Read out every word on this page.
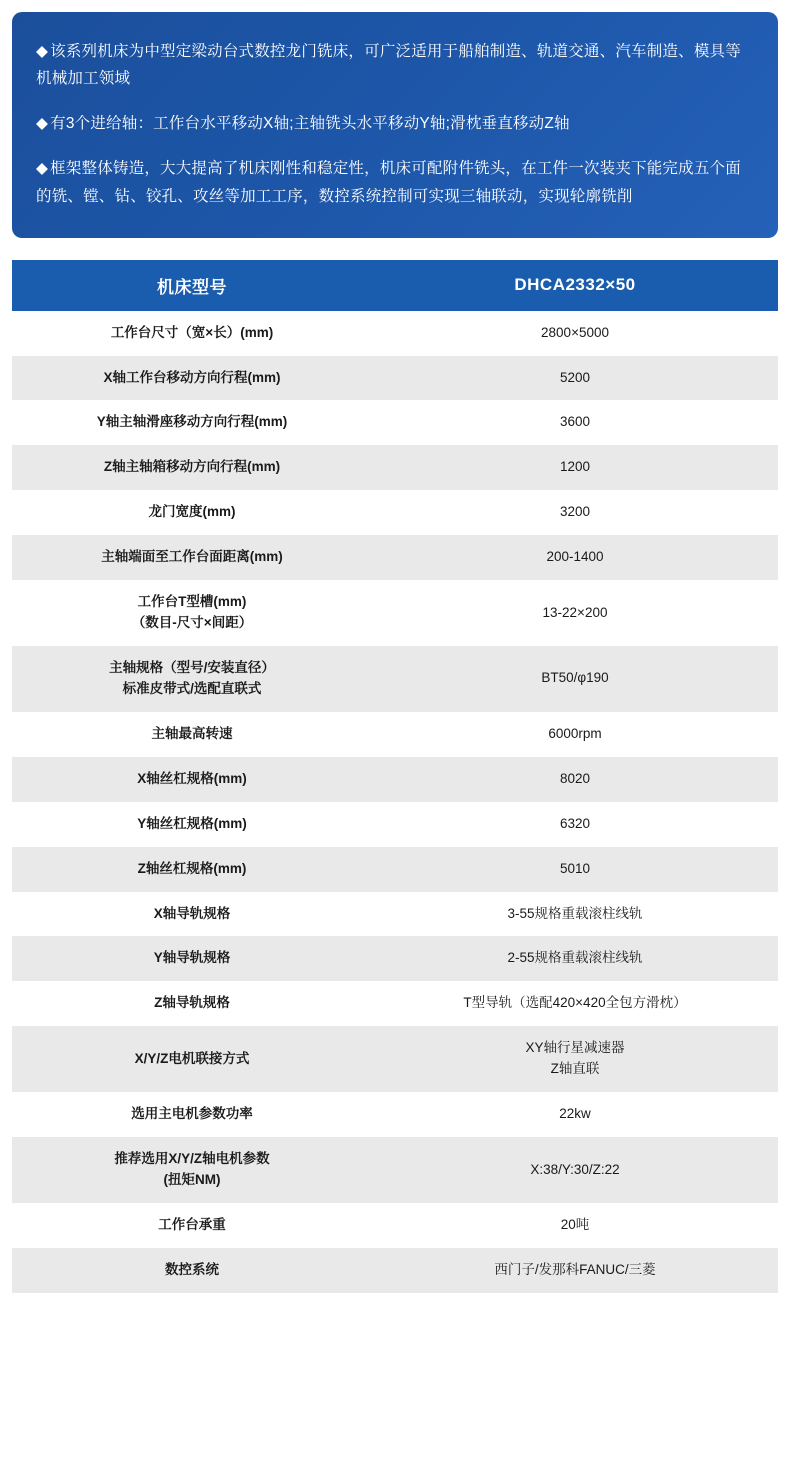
◆ 该系列机床为中型定梁动台式数控龙门铣床，可广泛适用于船舶制造、轨道交通、汽车制造、模具等机械加工领域

◆ 有3个进给轴：工作台水平移动X轴;主轴铣头水平移动Y轴;滑枕垂直移动Z轴

◆ 框架整体铸造，大大提高了机床刚性和稳定性，机床可配附件铣头，在工件一次装夹下能完成五个面的铣、镗、钻、铰孔、攻丝等加工工序，数控系统控制可实现三轴联动，实现轮廓铣削

机床型号	DHCA2332×50
工作台尺寸（宽×长）(mm)	2800×5000
X轴工作台移动方向行程(mm)	5200
Y轴主轴滑座移动方向行程(mm)	3600
Z轴主轴箱移动方向行程(mm)	1200
龙门宽度(mm)	3200
主轴端面至工作台面距离(mm)	200-1400

工作台T型槽(mm)
（数目-尺寸×间距）	13-22×200

主轴规格（型号/安装直径）
标准皮带式/选配直联式	BT50/φ190
主轴最高转速	6000rpm
X轴丝杠规格(mm)	8020
Y轴丝杠规格(mm)	6320
Z轴丝杠规格(mm)	5010
X轴导轨规格	3-55规格重载滚柱线轨
Y轴导轨规格	2-55规格重载滚柱线轨
Z轴导轨规格	T型导轨（选配420×420全包方滑枕）
X/Y/Z电机联接方式	XY轴行星减速器
Z轴直联

选用主电机参数功率	22kw

推荐选用X/Y/Z轴电机参数
(扭矩NM)	X:38/Y:30/Z:22
工作台承重	20吨
数控系统	西门子/发那科FANUC/三菱
